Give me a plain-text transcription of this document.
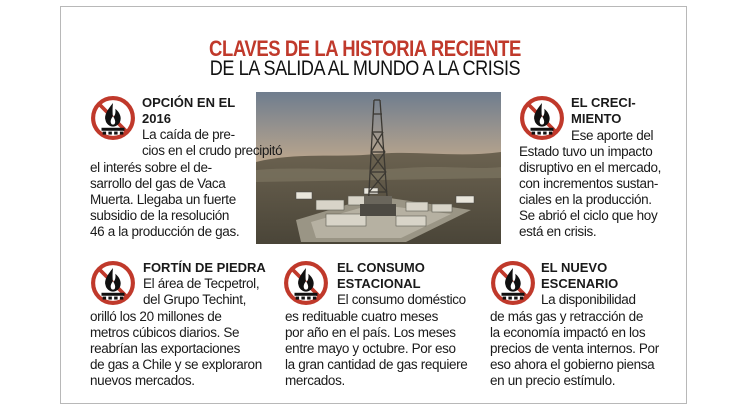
CLAVES DE LA HISTORIA RECIENTE
DE LA SALIDA AL MUNDO A LA CRISIS
OPCIÓN EN EL
2016
La caída de pre-
cios en el crudo precipitó
el interés sobre el de-
sarrollo del gas de Vaca
Muerta. Llegaba un fuerte
subsidio de la resolución
46 a la producción de gas.
EL CRECI-
MIENTO
Ese aporte del
Estado tuvo un impacto
disruptivo en el mercado,
con incrementos sustan-
ciales en la producción.
Se abrió el ciclo que hoy
está en crisis.
FORTÍN DE PIEDRA
El área de Tecpetrol,
del Grupo Techint,
orilló los 20 millones de
metros cúbicos diarios. Se
reabrían las exportaciones
de gas a Chile y se exploraron
nuevos mercados.
EL CONSUMO
ESTACIONAL
El consumo doméstico
es redituable cuatro meses
por año en el país. Los meses
entre mayo y octubre. Por eso
la gran cantidad de gas requiere
mercados.
EL NUEVO
ESCENARIO
La disponibilidad
de más gas y retracción de
la economía impactó en los
precios de venta internos. Por
eso ahora el gobierno piensa
en un precio estímulo.
